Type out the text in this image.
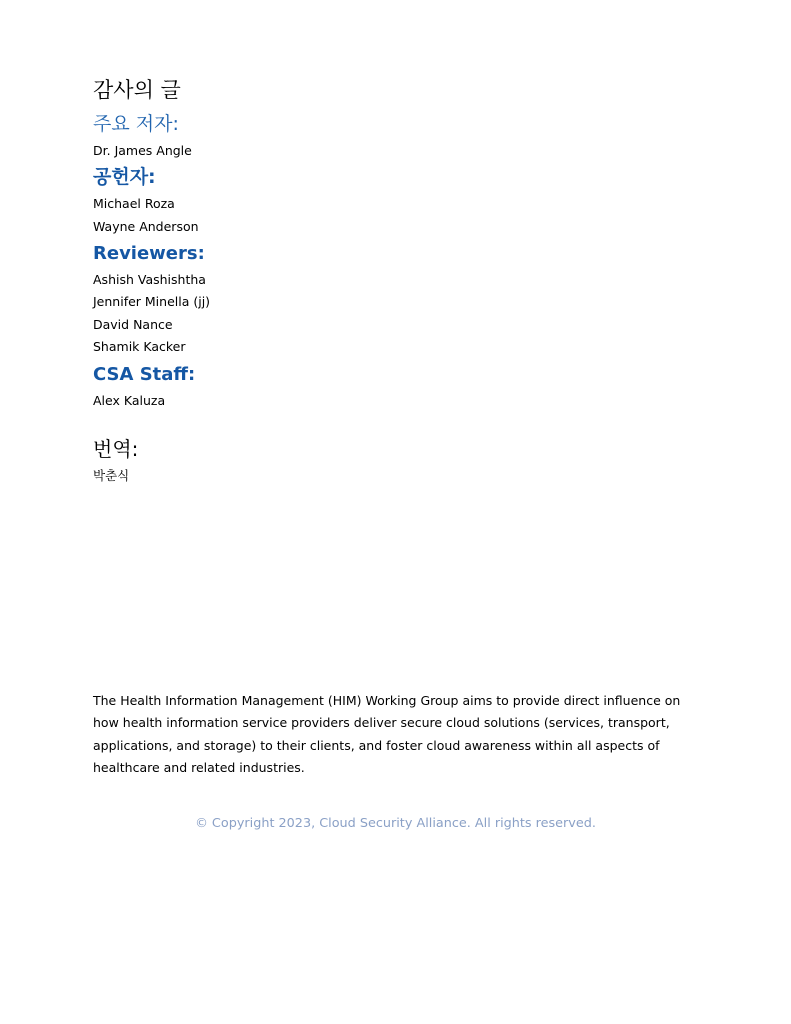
감사의 글
주요 저자:
Dr. James Angle
공헌자:
Michael Roza
Wayne Anderson
Reviewers:
Ashish Vashishtha
Jennifer Minella (jj)
David Nance
Shamik Kacker
CSA Staff:
Alex Kaluza
번역:
박춘식

The Health Information Management (HIM) Working Group aims to provide direct influence on how health information service providers deliver secure cloud solutions (services, transport, applications, and storage) to their clients, and foster cloud awareness within all aspects of healthcare and related industries.

© Copyright 2023, Cloud Security Alliance. All rights reserved.
